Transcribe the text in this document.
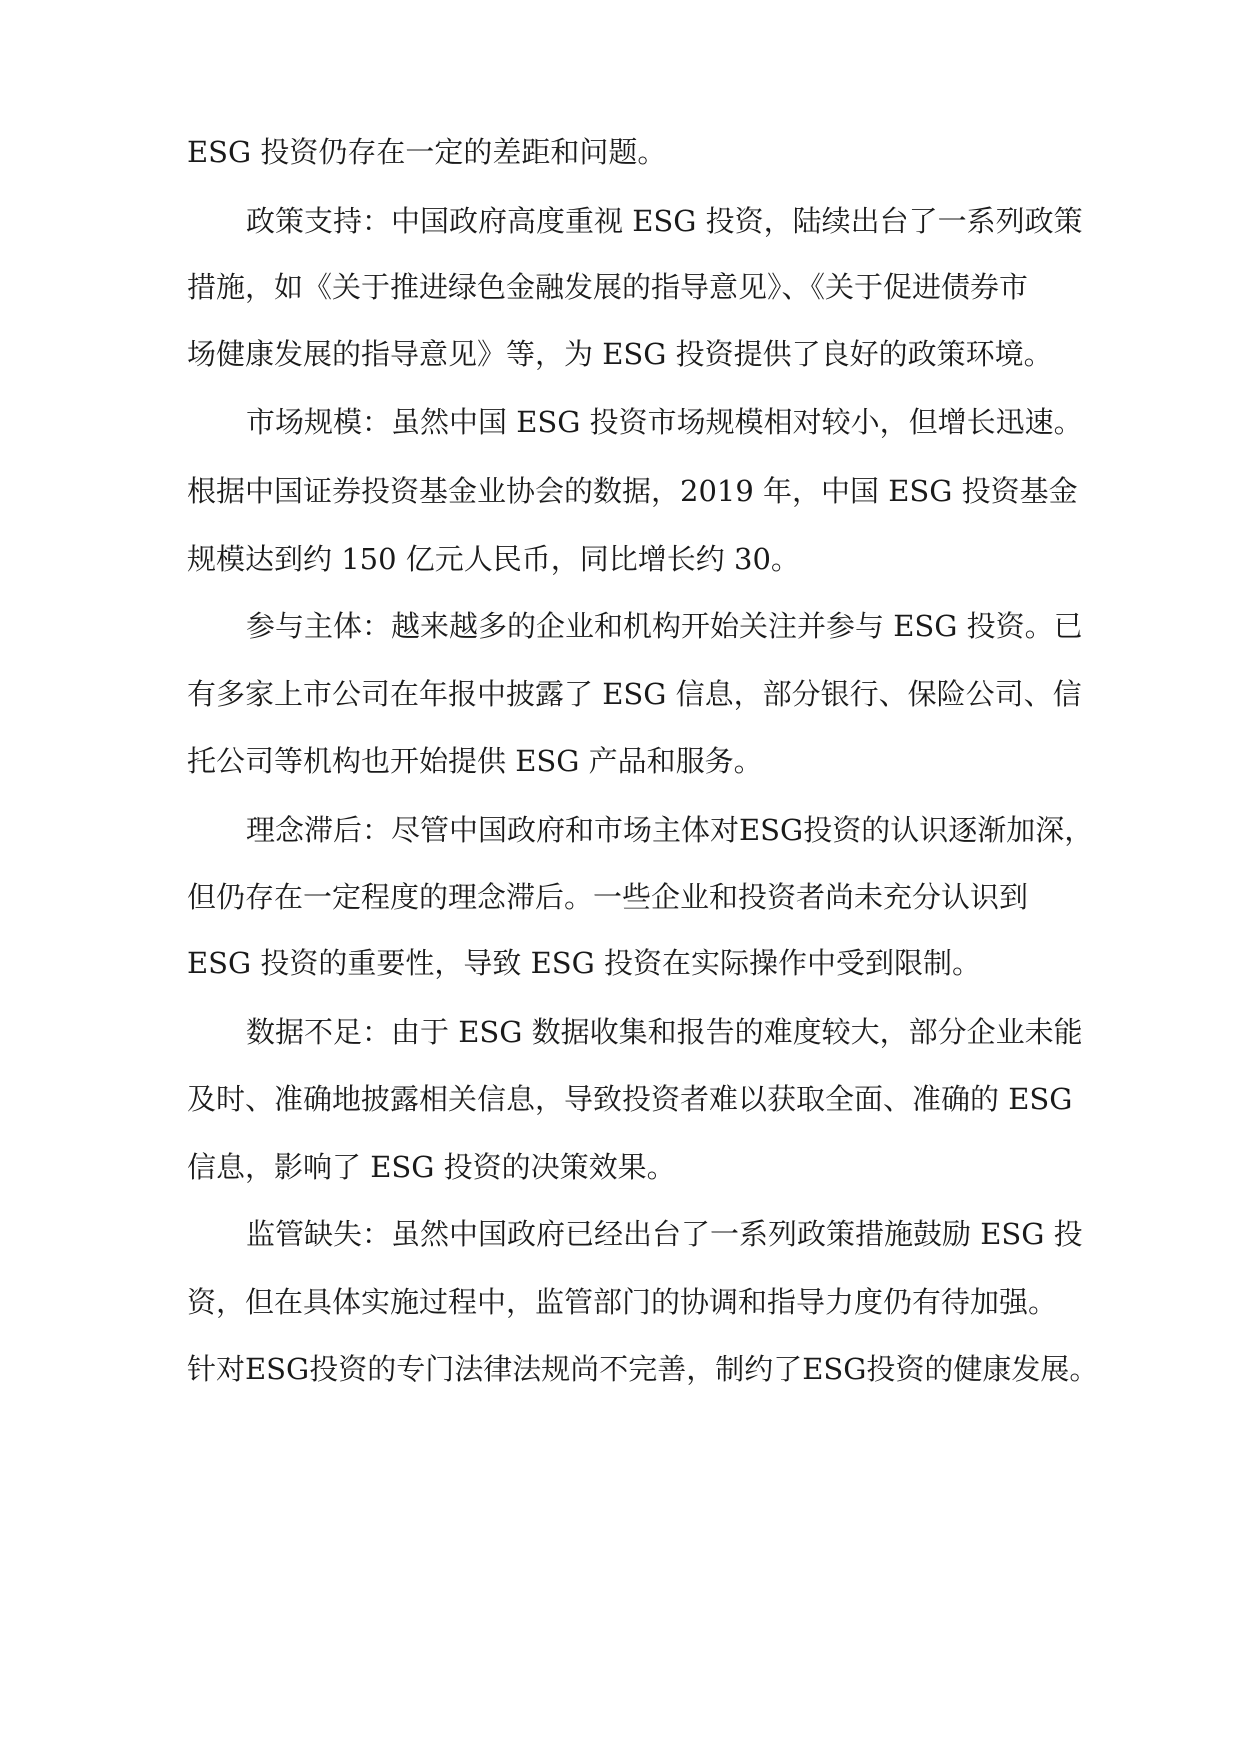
ESG 投资仍存在一定的差距和问题。
政策支持：中国政府高度重视 ESG 投资，陆续出台了一系列政策
措施，如《关于推进绿色金融发展的指导意见》、《关于促进债券市
场健康发展的指导意见》等，为 ESG 投资提供了良好的政策环境。
市场规模：虽然中国 ESG 投资市场规模相对较小，但增长迅速。
根据中国证券投资基金业协会的数据，2019 年，中国 ESG 投资基金
规模达到约 150 亿元人民币，同比增长约 30。
参与主体：越来越多的企业和机构开始关注并参与 ESG 投资。已
有多家上市公司在年报中披露了 ESG 信息，部分银行、保险公司、信
托公司等机构也开始提供 ESG 产品和服务。
理念滞后：尽管中国政府和市场主体对ESG投资的认识逐渐加深，
但仍存在一定程度的理念滞后。一些企业和投资者尚未充分认识到
ESG 投资的重要性，导致 ESG 投资在实际操作中受到限制。
数据不足：由于 ESG 数据收集和报告的难度较大，部分企业未能
及时、准确地披露相关信息，导致投资者难以获取全面、准确的 ESG
信息，影响了 ESG 投资的决策效果。
监管缺失：虽然中国政府已经出台了一系列政策措施鼓励 ESG 投
资，但在具体实施过程中，监管部门的协调和指导力度仍有待加强。
针对ESG投资的专门法律法规尚不完善，制约了ESG投资的健康发展。
